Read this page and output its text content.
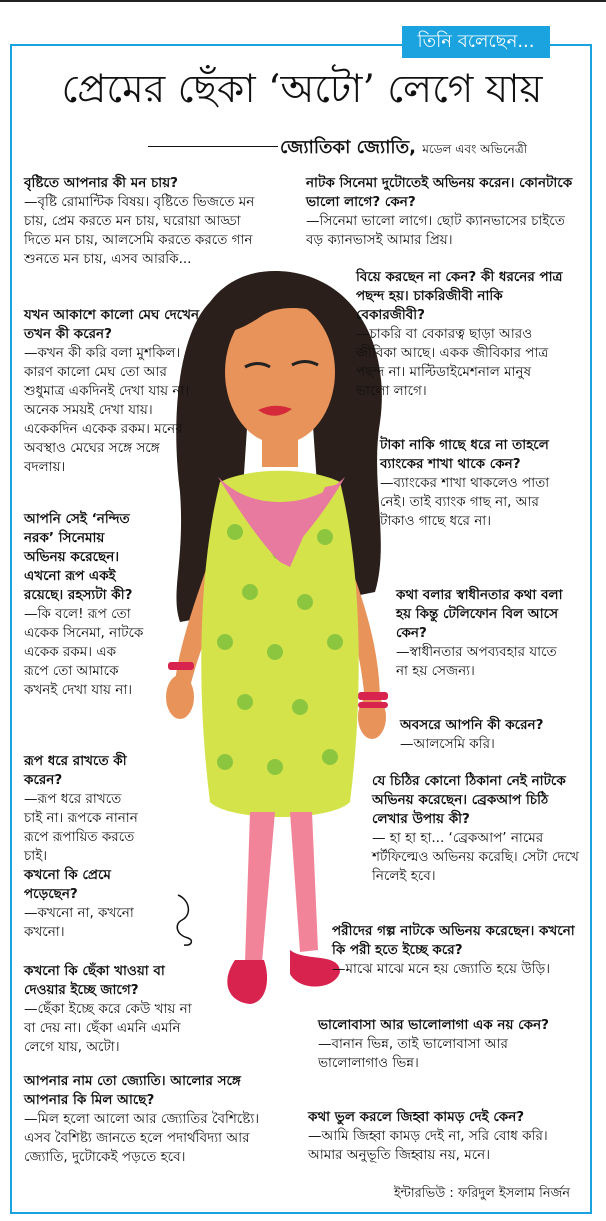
তিনি বলেছেন...
প্রেমের ছেঁকা ‘অটো’ লেগে যায়
জ্যোতিকা জ্যোতি, মডেল এবং অভিনেত্রী
বৃষ্টিতে আপনার কী মন চায়?
—বৃষ্টি রোমান্টিক বিষয়। বৃষ্টিতে ভিজতে মন চায়, প্রেম করতে মন চায়, ঘরোয়া আড্ডা দিতে মন চায়, আলসেমি করতে করতে গান শুনতে মন চায়, এসব আরকি...
যখন আকাশে কালো মেঘ দেখেন তখন কী করেন?
—কখন কী করি বলা মুশকিল। কারণ কালো মেঘ তো আর শুধুমাত্র একদিনই দেখা যায় না। অনেক সময়ই দেখা যায়। একেকদিন একেক রকম। মনের অবস্থাও মেঘের সঙ্গে সঙ্গে বদলায়।
আপনি সেই ‘নন্দিত নরক’ সিনেমায় অভিনয় করেছেন। এখনো রূপ একই রয়েছে। রহস্যটা কী?
—কি বলে! রূপ তো একেক সিনেমা, নাটকে একেক রকম। এক রূপে তো আমাকে কখনই দেখা যায় না।
রূপ ধরে রাখতে কী করেন?
—রূপ ধরে রাখতে চাই না। রূপকে নানান রূপে রূপায়িত করতে চাই।
কখনো কি প্রেমে পড়েছেন?
—কখনো না, কখনো কখনো।
কখনো কি ছেঁকা খাওয়া বা দেওয়ার ইচ্ছে জাগে?
—ছেঁকা ইচ্ছে করে কেউ খায় না বা দেয় না। ছেঁকা এমনি এমনি লেগে যায়, অটো।
আপনার নাম তো জ্যোতি। আলোর সঙ্গে আপনার কি মিল আছে?
—মিল হলো আলো আর জ্যোতির বৈশিষ্ট্যে। এসব বৈশিষ্ট্য জানতে হলে পদার্থবিদ্যা আর জ্যোতি, দুটোকেই পড়তে হবে।
নাটক সিনেমা দুটোতেই অভিনয় করেন। কোনটাকে ভালো লাগে? কেন?
—সিনেমা ভালো লাগে। ছোট ক্যানভাসের চাইতে বড় ক্যানভাসই আমার প্রিয়।
বিয়ে করছেন না কেন? কী ধরনের পাত্র পছন্দ হয়। চাকরিজীবী নাকি বেকারজীবী?
—চাকরি বা বেকারত্ব ছাড়া আরও জীবিকা আছে। একক জীবিকার পাত্র পছন্দ না। মাল্টিডাইমেশনাল মানুষ ভালো লাগে।
টাকা নাকি গাছে ধরে না তাহলে ব্যাংকের শাখা থাকে কেন?
—ব্যাংকের শাখা থাকলেও পাতা নেই। তাই ব্যাংক গাছ না, আর টাকাও গাছে ধরে না।
কথা বলার স্বাধীনতার কথা বলা হয় কিন্তু টেলিফোন বিল আসে কেন?
—স্বাধীনতার অপব্যবহার যাতে না হয় সেজন্য।
অবসরে আপনি কী করেন?
—আলসেমি করি।
যে চিঠির কোনো ঠিকানা নেই নাটকে অভিনয় করেছেন। ব্রেকআপ চিঠি লেখার উপায় কী?
— হা হা হা... ‘ব্রেকআপ’ নামের শর্টফিল্মেও অভিনয় করেছি। সেটা দেখে নিলেই হবে।
পরীদের গল্প নাটকে অভিনয় করেছেন। কখনো কি পরী হতে ইচ্ছে করে?
—মাঝে মাঝে মনে হয় জ্যোতি হয়ে উড়ি।
ভালোবাসা আর ভালোলাগা এক নয় কেন?
—বানান ভিন্ন, তাই ভালোবাসা আর ভালোলাগাও ভিন্ন।
কথা ভুল করলে জিহ্বা কামড় দেই কেন?
—আমি জিহ্বা কামড় দেই না, সরি বোধ করি। আমার অনুভূতি জিহ্বায় নয়, মনে।
ইন্টারভিউ : ফরিদুল ইসলাম নির্জন
